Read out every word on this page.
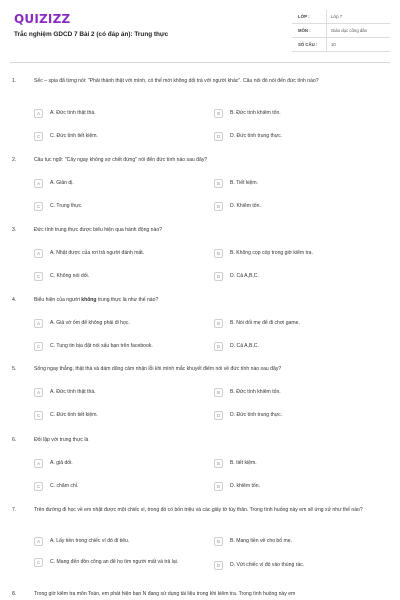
QUIZIZZ
Trắc nghiệm GDCD 7 Bài 2 (có đáp án): Trung thực
LỚP :	Lớp 7
MÔN :	Giáo dục công dân
SỐ CÂU :	10
1.	Sếc – xpia đã từng nói: "Phải thành thật với mình, có thế mới không dối trá với người khác". Câu nói đó nói đến đức tính nào?
A	A. Đức tính thật thà.	B	B. Đức tính khiêm tốn.
C	C. Đức tính tiết kiệm.	D	D. Đức tính trung thực.
2.	Câu tục ngữ: "Cây ngay không sợ chết đứng" nói đến đức tính nào sau đây?
A	A. Giản dị.	B	B. Tiết kiệm.
C	C. Trung thực.	D	D. Khiêm tốn.
3.	Đức tính trung thực được biểu hiện qua hành động nào?
A	A. Nhặt được của rơi trả người đánh mất.	B	B. Không cọp cóp trong giờ kiểm tra.
C	C. Không nói dối.	D	D. Cả A,B,C.
4.	Biểu hiện của người không trung thực là như thế nào?
A	A. Giả vờ ốm để không phải đi học.	B	B. Nói dối mẹ để đi chơi game.
C	C. Tung tin bịa đặt nói xấu bạn trên facebook.	D	D. Cả A,B,C.
5.	Sống ngay thẳng, thật thà và dám dũng cảm nhận lỗi khi mình mắc khuyết điểm nói về đức tính nào sau đây?
A	A. Đức tính thật thà.	B	B. Đức tính khiêm tốn.
C	C. Đức tính tiết kiệm.	D	D. Đức tính trung thực.
6.	Đối lập với trung thực là
A	A. giả dối.	B	B. tiết kiệm.
C	C. chăm chỉ.	D	D. khiêm tốn.
7.	Trên đường đi học về em nhặt được một chiếc ví, trong đó có bốn triệu và các giấy tờ tùy thân. Trong tình huống này em sẽ ứng xử như thế nào?
A	A. Lấy tiền trong chiếc ví đó đi tiêu.	B	B. Mang tiền về cho bố mẹ.
C	C. Mang đến đồn công an để họ tìm người mất và trả lại.
D	D. Vứt chiếc ví đó vào thùng rác.
8.	Trong giờ kiểm tra môn Toán, em phát hiện bạn N đang sử dụng tài liệu trong khi kiểm tra. Trong tình huống này em
